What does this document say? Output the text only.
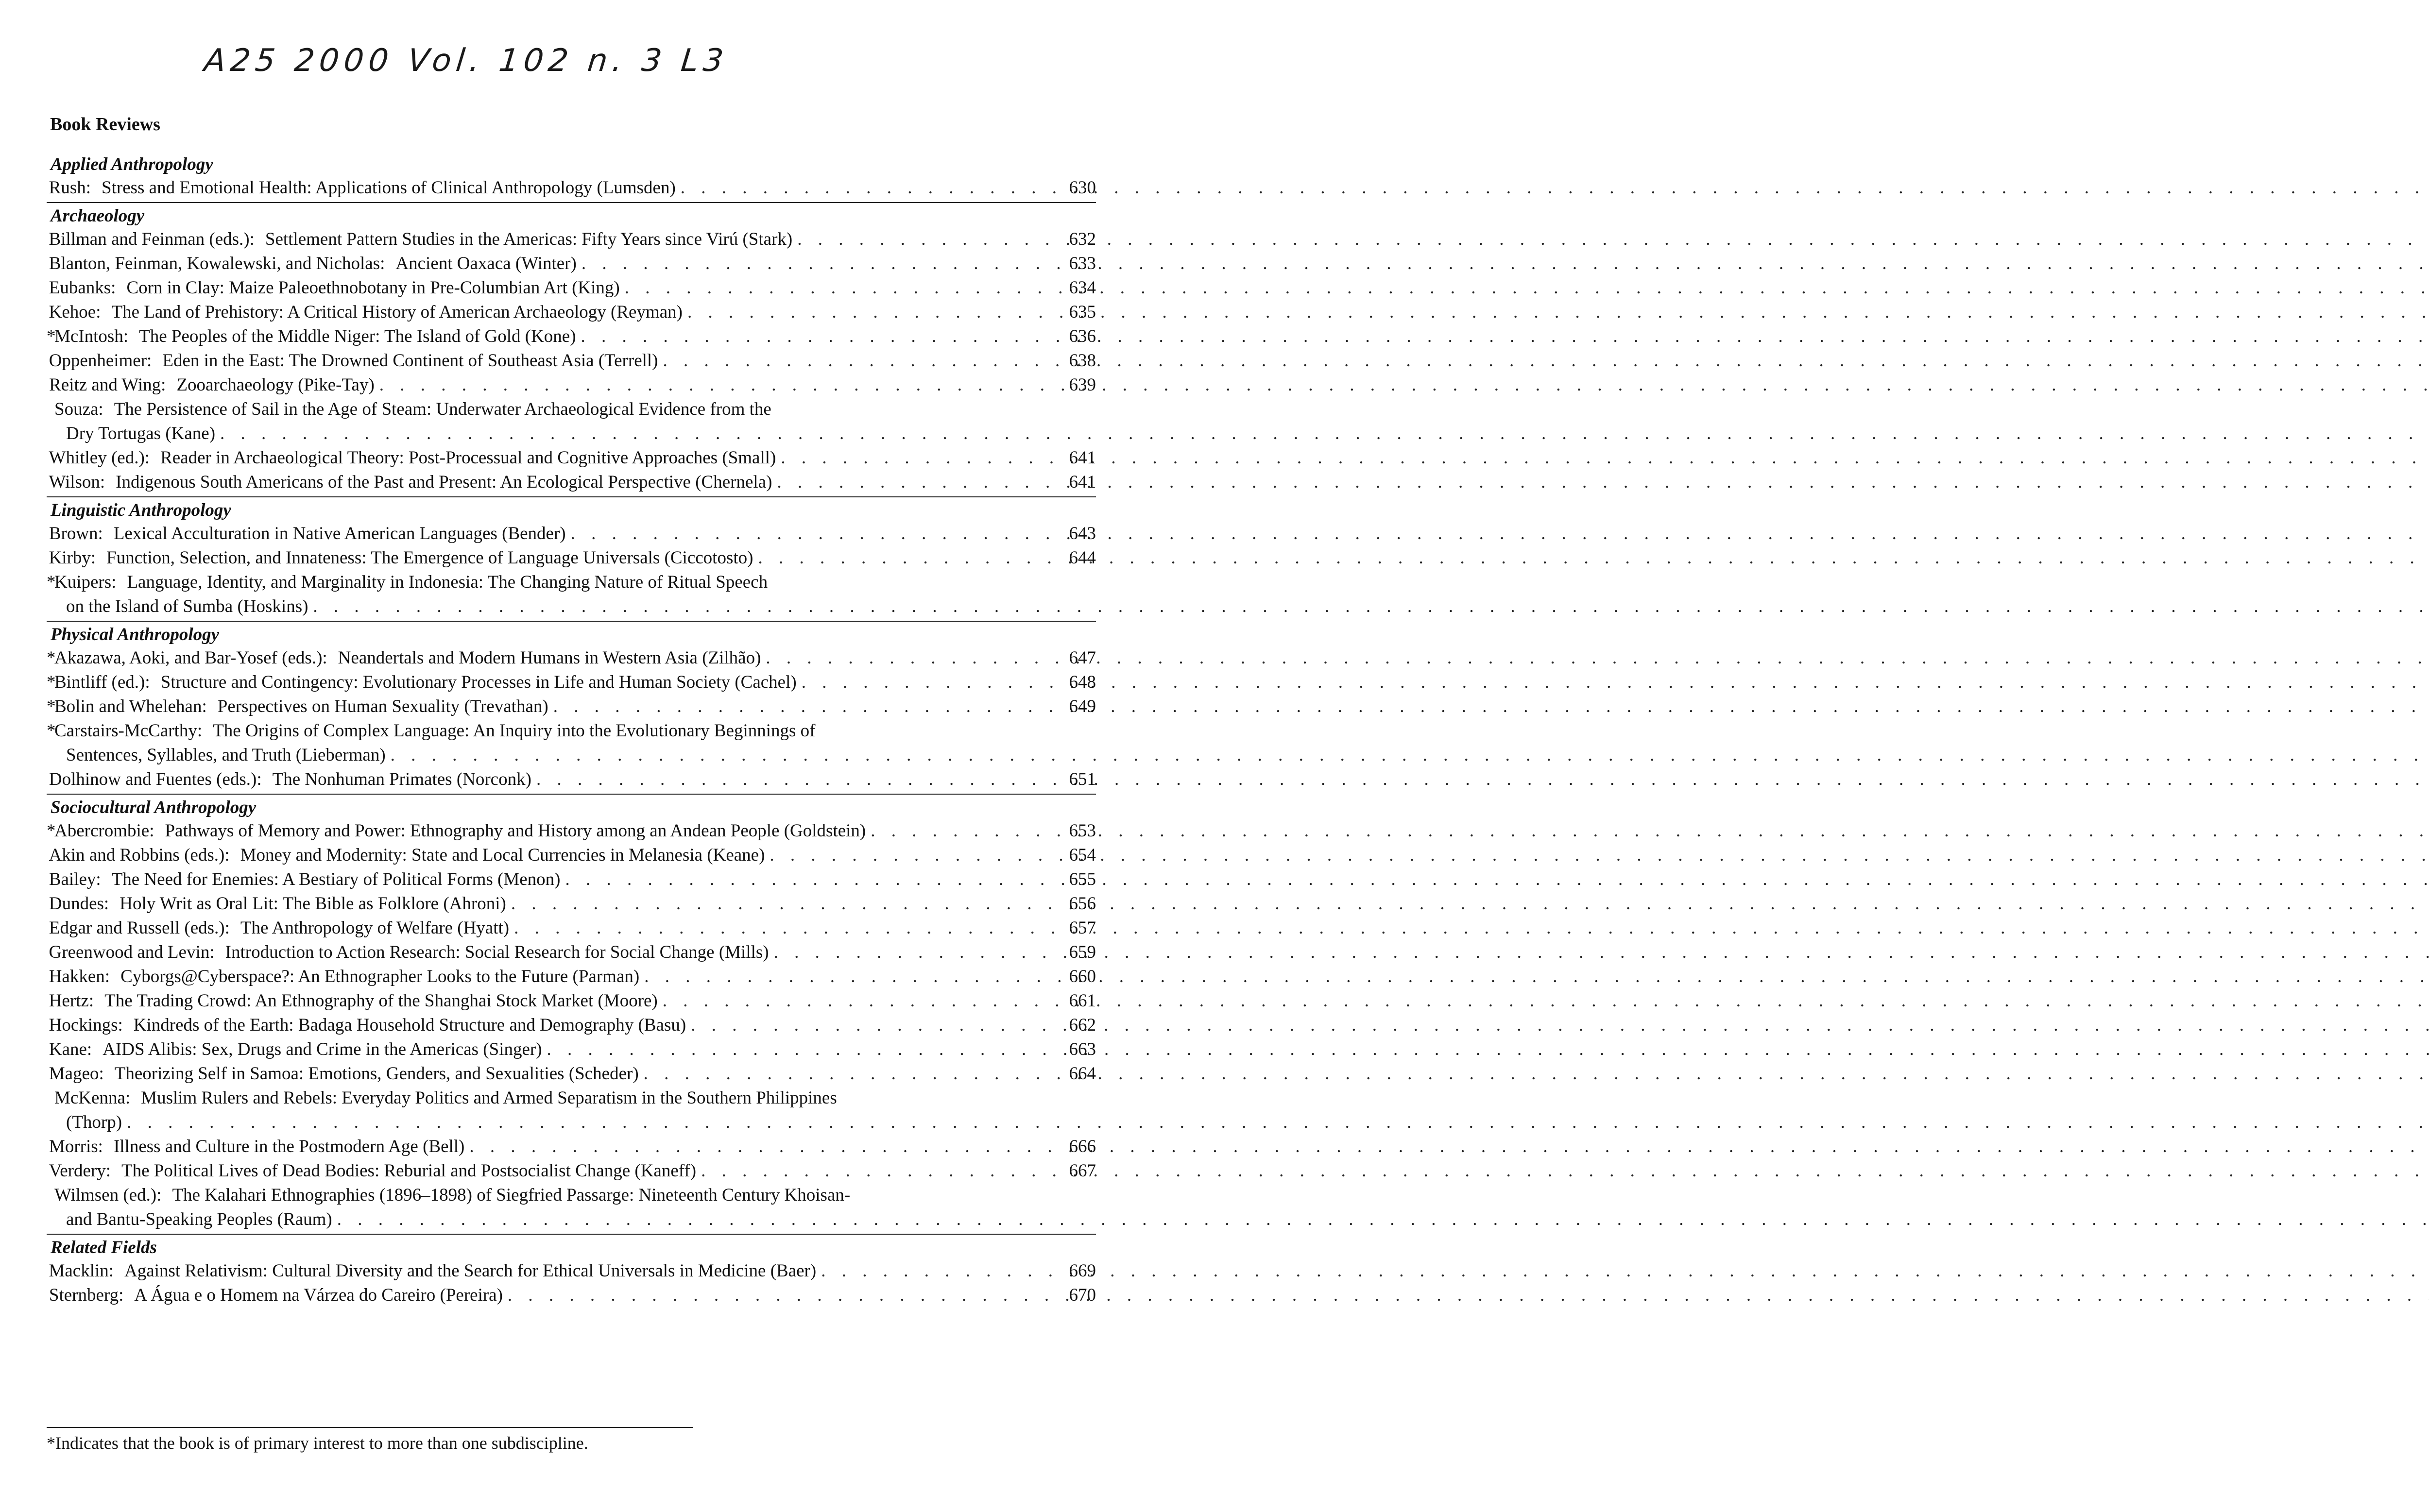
A25 2000 Vol. 102 n. 3 L3
Book Reviews
Applied Anthropology
Rush: Stress and Emotional Health: Applications of Clinical Anthropology (Lumsden) . . .	630
Archaeology
Billman and Feinman (eds.): Settlement Pattern Studies in the Americas: Fifty Years since Virú (Stark) . . .	632
Blanton, Feinman, Kowalewski, and Nicholas: Ancient Oaxaca (Winter) . . .	633
Eubanks: Corn in Clay: Maize Paleoethnobotany in Pre-Columbian Art (King) . . .	634
Kehoe: The Land of Prehistory: A Critical History of American Archaeology (Reyman) . . .	635
*
McIntosh: The Peoples of the Middle Niger: The Island of Gold (Kone) . . .	636
Oppenheimer: Eden in the East: The Drowned Continent of Southeast Asia (Terrell) . . .	638
Reitz and Wing: Zooarchaeology (Pike-Tay) . . .	639
Souza: The Persistence of Sail in the Age of Steam: Underwater Archaeological Evidence from the
Dry Tortugas (Kane)
. . .
Whitley (ed.): Reader in Archaeological Theory: Post-Processual and Cognitive Approaches (Small) . . .	641
Wilson: Indigenous South Americans of the Past and Present: An Ecological Perspective (Chernela) . . .	641
Linguistic Anthropology
Brown: Lexical Acculturation in Native American Languages (Bender) . . .	643
Kirby: Function, Selection, and Innateness: The Emergence of Language Universals (Ciccotosto) . . .	644
*
Kuipers: Language, Identity, and Marginality in Indonesia: The Changing Nature of Ritual Speech
on the Island of Sumba (Hoskins)
. . .
Physical Anthropology
*
Akazawa, Aoki, and Bar-Yosef (eds.): Neandertals and Modern Humans in Western Asia (Zilhão) . . .	647
*
Bintliff (ed.): Structure and Contingency: Evolutionary Processes in Life and Human Society (Cachel) . . .	648
*
Bolin and Whelehan: Perspectives on Human Sexuality (Trevathan) . . .	649
*
Carstairs-McCarthy: The Origins of Complex Language: An Inquiry into the Evolutionary Beginnings of
Sentences, Syllables, and Truth (Lieberman)
. . .
Dolhinow and Fuentes (eds.): The Nonhuman Primates (Norconk) . . .	651
Sociocultural Anthropology
*
Abercrombie: Pathways of Memory and Power: Ethnography and History among an Andean People (Goldstein) . . .	653
Akin and Robbins (eds.): Money and Modernity: State and Local Currencies in Melanesia (Keane) . . .	654
Bailey: The Need for Enemies: A Bestiary of Political Forms (Menon) . . .	655
Dundes: Holy Writ as Oral Lit: The Bible as Folklore (Ahroni) . . .	656
Edgar and Russell (eds.): The Anthropology of Welfare (Hyatt) . . .	657
Greenwood and Levin: Introduction to Action Research: Social Research for Social Change (Mills) . . .	659
Hakken: Cyborgs@Cyberspace?: An Ethnographer Looks to the Future (Parman) . . .	660
Hertz: The Trading Crowd: An Ethnography of the Shanghai Stock Market (Moore) . . .	661
Hockings: Kindreds of the Earth: Badaga Household Structure and Demography (Basu) . . .	662
Kane: AIDS Alibis: Sex, Drugs and Crime in the Americas (Singer) . . .	663
Mageo: Theorizing Self in Samoa: Emotions, Genders, and Sexualities (Scheder) . . .	664
McKenna: Muslim Rulers and Rebels: Everyday Politics and Armed Separatism in the Southern Philippines
(Thorp)
. . .
Morris: Illness and Culture in the Postmodern Age (Bell) . . .	666
Verdery: The Political Lives of Dead Bodies: Reburial and Postsocialist Change (Kaneff) . . .	667
Wilmsen (ed.): The Kalahari Ethnographies (1896–1898) of Siegfried Passarge: Nineteenth Century Khoisan-
and Bantu-Speaking Peoples (Raum)
. . .
Related Fields
Macklin: Against Relativism: Cultural Diversity and the Search for Ethical Universals in Medicine (Baer) . . .	669
Sternberg: A Água e o Homem na Várzea do Careiro (Pereira) . . .	670
*Indicates that the book is of primary interest to more than one subdiscipline.
